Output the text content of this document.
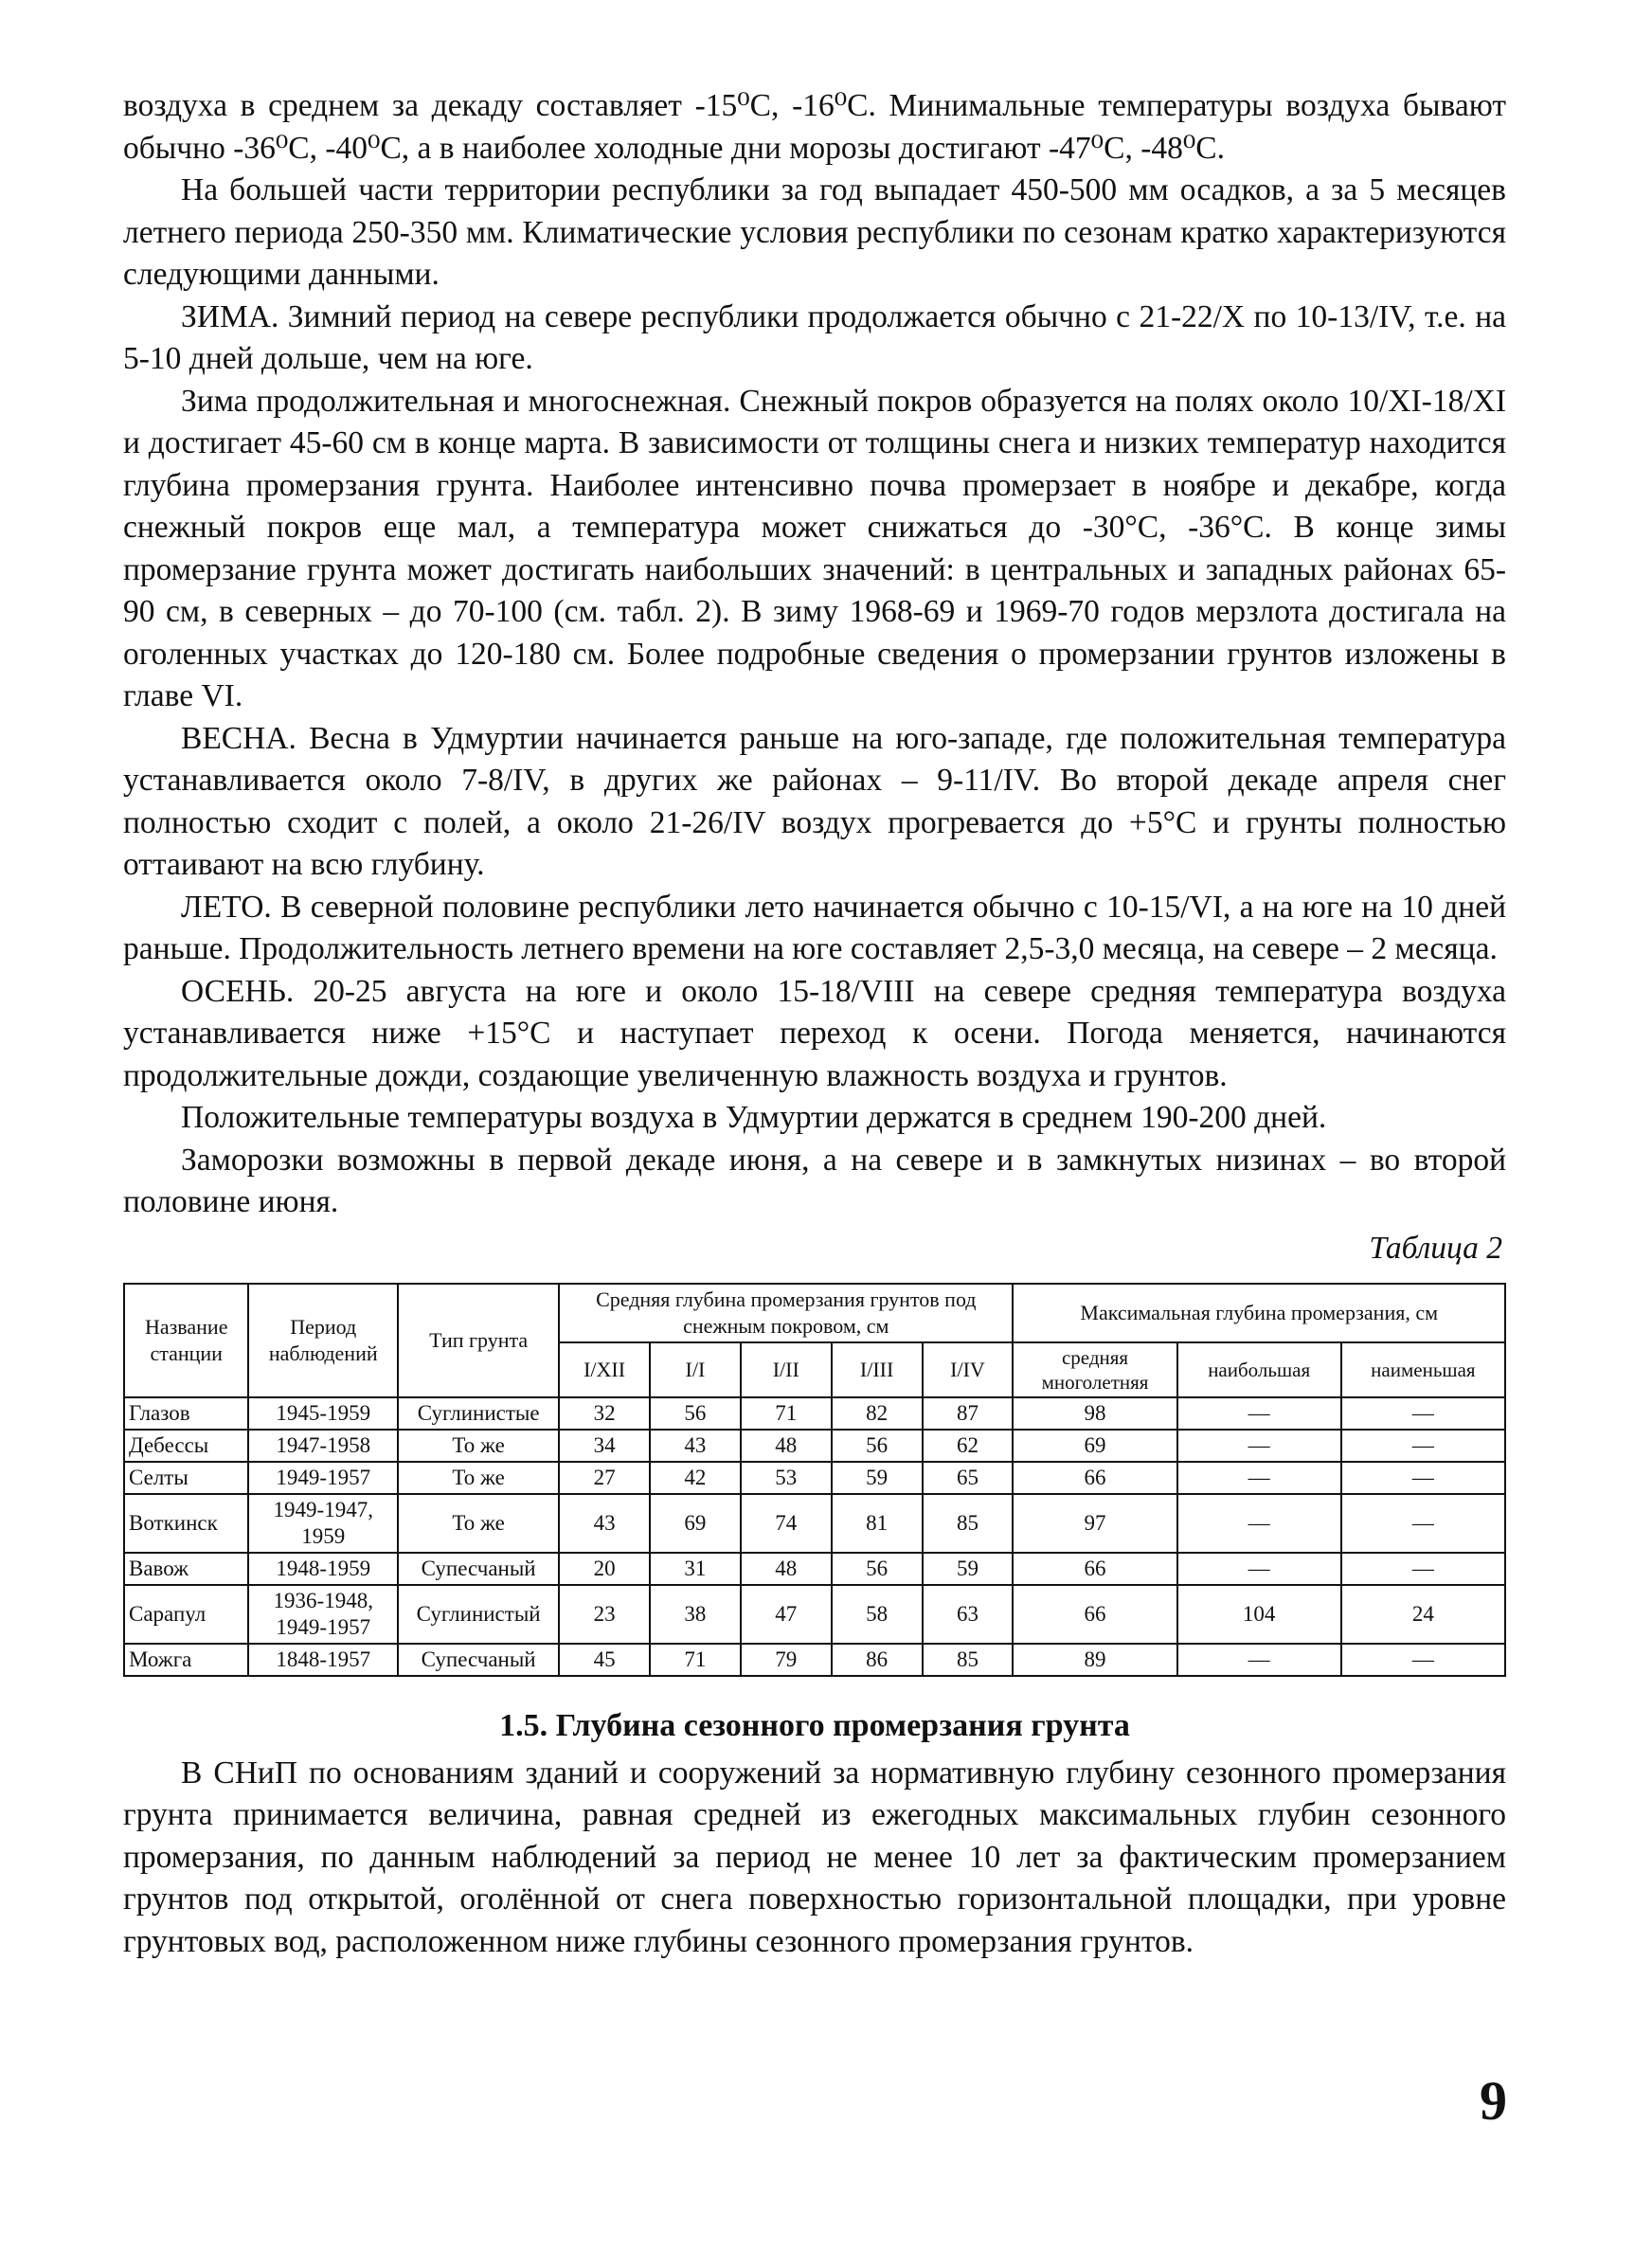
воздуха в среднем за декаду составляет -15⁰C, -16⁰C. Минимальные температуры воздуха бывают обычно -36⁰C, -40⁰C, а в наиболее холодные дни морозы достигают -47⁰C, -48⁰C.

На большей части территории республики за год выпадает 450-500 мм осадков, а за 5 месяцев летнего периода 250-350 мм. Климатические условия республики по сезонам кратко характеризуются следующими данными.

ЗИМА. Зимний период на севере республики продолжается обычно с 21-22/X по 10-13/IV, т.е. на 5-10 дней дольше, чем на юге.

Зима продолжительная и многоснежная. Снежный покров образуется на полях около 10/XI-18/XI и достигает 45-60 см в конце марта. В зависимости от толщины снега и низких температур находится глубина промерзания грунта. Наиболее интенсивно почва промерзает в ноябре и декабре, когда снежный покров еще мал, а температура может снижаться до -30°C, -36°C. В конце зимы промерзание грунта может достигать наибольших значений: в центральных и западных районах 65-90 см, в северных – до 70-100 (см. табл. 2). В зиму 1968-69 и 1969-70 годов мерзлота достигала на оголенных участках до 120-180 см. Более подробные сведения о промерзании грунтов изложены в главе VI.

ВЕСНА. Весна в Удмуртии начинается раньше на юго-западе, где положительная температура устанавливается около 7-8/IV, в других же районах – 9-11/IV. Во второй декаде апреля снег полностью сходит с полей, а около 21-26/IV воздух прогревается до +5°C и грунты полностью оттаивают на всю глубину.

ЛЕТО. В северной половине республики лето начинается обычно с 10-15/VI, а на юге на 10 дней раньше. Продолжительность летнего времени на юге составляет 2,5-3,0 месяца, на севере – 2 месяца.

ОСЕНЬ. 20-25 августа на юге и около 15-18/VIII на севере средняя температура воздуха устанавливается ниже +15°C и наступает переход к осени. Погода меняется, начинаются продолжительные дожди, создающие увеличенную влажность воздуха и грунтов.

Положительные температуры воздуха в Удмуртии держатся в среднем 190-200 дней.

Заморозки возможны в первой декаде июня, а на севере и в замкнутых низинах – во второй половине июня.

Таблица 2
Название станции	Период наблюдений	Тип грунта	Средняя глубина промерзания грунтов под снежным покровом, см					Максимальная глубина промерзания, см		
			I/XII	I/I	I/II	I/III	I/IV	средняя многолетняя	наибольшая	наименьшая
Глазов	1945-1959	Суглинистые	32	56	71	82	87	98	—	—
Дебессы	1947-1958	То же	34	43	48	56	62	69	—	—
Селты	1949-1957	То же	27	42	53	59	65	66	—	—
Воткинск	1949-1947, 1959	То же	43	69	74	81	85	97	—	—
Вавож	1948-1959	Супесчаный	20	31	48	56	59	66	—	—
Сарапул	1936-1948, 1949-1957	Суглинистый	23	38	47	58	63	66	104	24
Можга	1848-1957	Супесчаный	45	71	79	86	85	89	—	—
1.5. Глубина сезонного промерзания грунта

В СНиП по основаниям зданий и сооружений за нормативную глубину сезонного промерзания грунта принимается величина, равная средней из ежегодных максимальных глубин сезонного промерзания, по данным наблюдений за период не менее 10 лет за фактическим промерзанием грунтов под открытой, оголённой от снега поверхностью горизонтальной площадки, при уровне грунтовых вод, расположенном ниже глубины сезонного промерзания грунтов.

9
